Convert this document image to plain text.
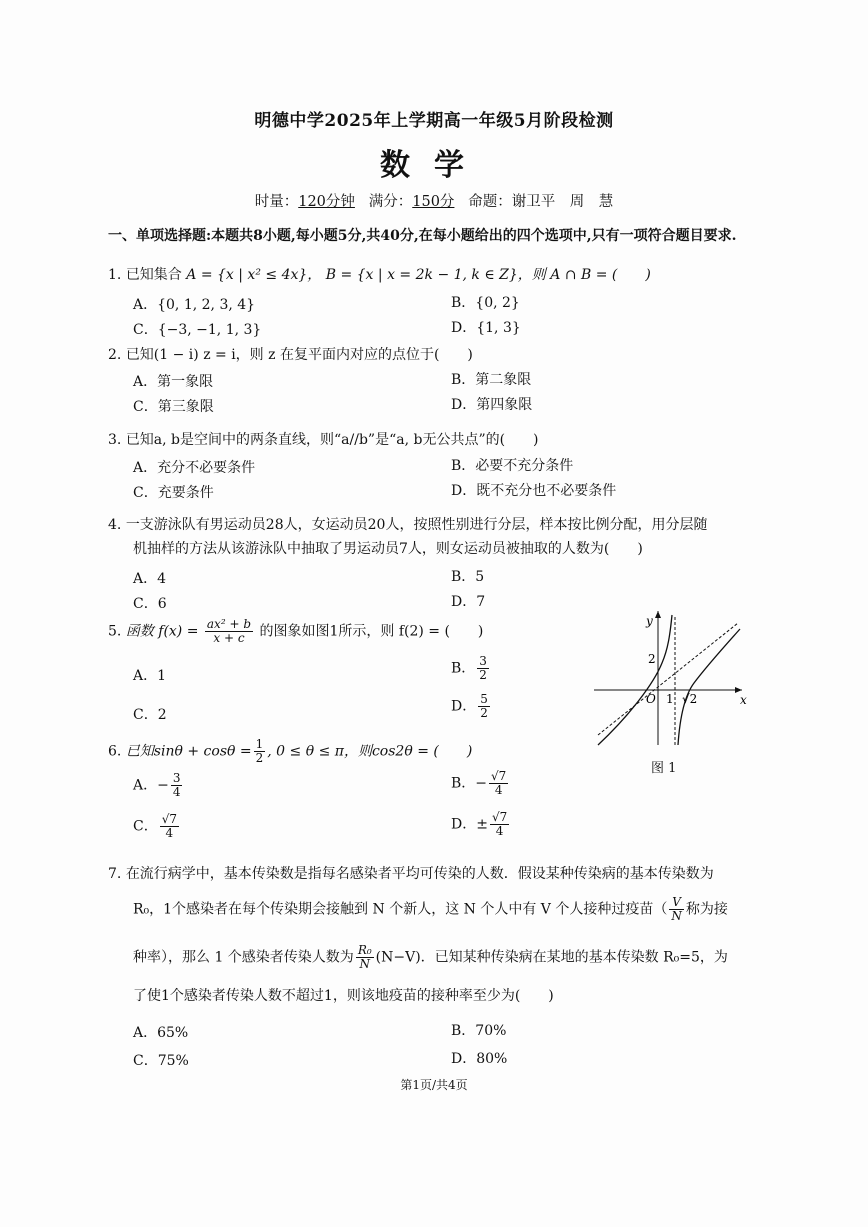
明德中学2025年上学期高一年级5月阶段检测
数学
时量：120分钟 满分：150分 命题：谢卫平　周　慧
一、单项选择题:本题共8小题,每小题5分,共40分,在每小题给出的四个选项中,只有一项符合题目要求.
1. 已知集合 A = {x | x² ≤ 4x}， B = {x | x = 2k − 1, k ∈ Z}，则 A ∩ B = (　　)
A．{0, 1, 2, 3, 4}	B．{0, 2}
C．{−3, −1, 1, 3}	D．{1, 3}
2. 已知(1 − i) z = i，则 z 在复平面内对应的点位于(　　)
A．第一象限	B．第二象限
C．第三象限	D．第四象限
3. 已知a, b是空间中的两条直线，则“a//b”是“a, b无公共点”的(　　)
A．充分不必要条件	B．必要不充分条件
C．充要条件	D．既不充分也不必要条件
4. 一支游泳队有男运动员28人，女运动员20人，按照性别进行分层，样本按比例分配，用分层随
机抽样的方法从该游泳队中抽取了男运动员7人，则女运动员被抽取的人数为(　　)
A．4	B．5
C．6	D．7
5. 函数 $f(x) = \frac{\text{ax² + b}}{x + c}$ 的图象如图1所示，则 f(2) = (　　)
A．1	B． $\frac{3}{2}$
C．2
D． $\frac{5}{2}$
y
x
O
2
1 √2
图 1
6. 已知$\sin\theta + \cos\theta = \frac{1}{2}$ , 0 ≤ θ ≤ π，则cos2θ = (　　)
A．− $\frac{3}{4}$	B．− $\frac{√7}{4}$
C． $\frac{√7}{4}$	D．± $\frac{√7}{4}$
7. 在流行病学中，基本传染数是指每名感染者平均可传染的人数．假设某种传染病的基本传染数为
R₀，1个感染者在每个传染期会接触到 N 个新人，这 N 个人中有 V 个人接种过疫苗（ $\frac{V}{N}$ 称为接
种率），那么 1 个感染者传染人数为 $\frac{\text{R₀}}{N} (N-V)$．已知某种传染病在某地的基本传染数 R₀=5，为
了使1个感染者传染人数不超过1，则该地疫苗的接种率至少为(　　)
A．65%	B．70%
C．75%	D．80%
第1页/共4页
